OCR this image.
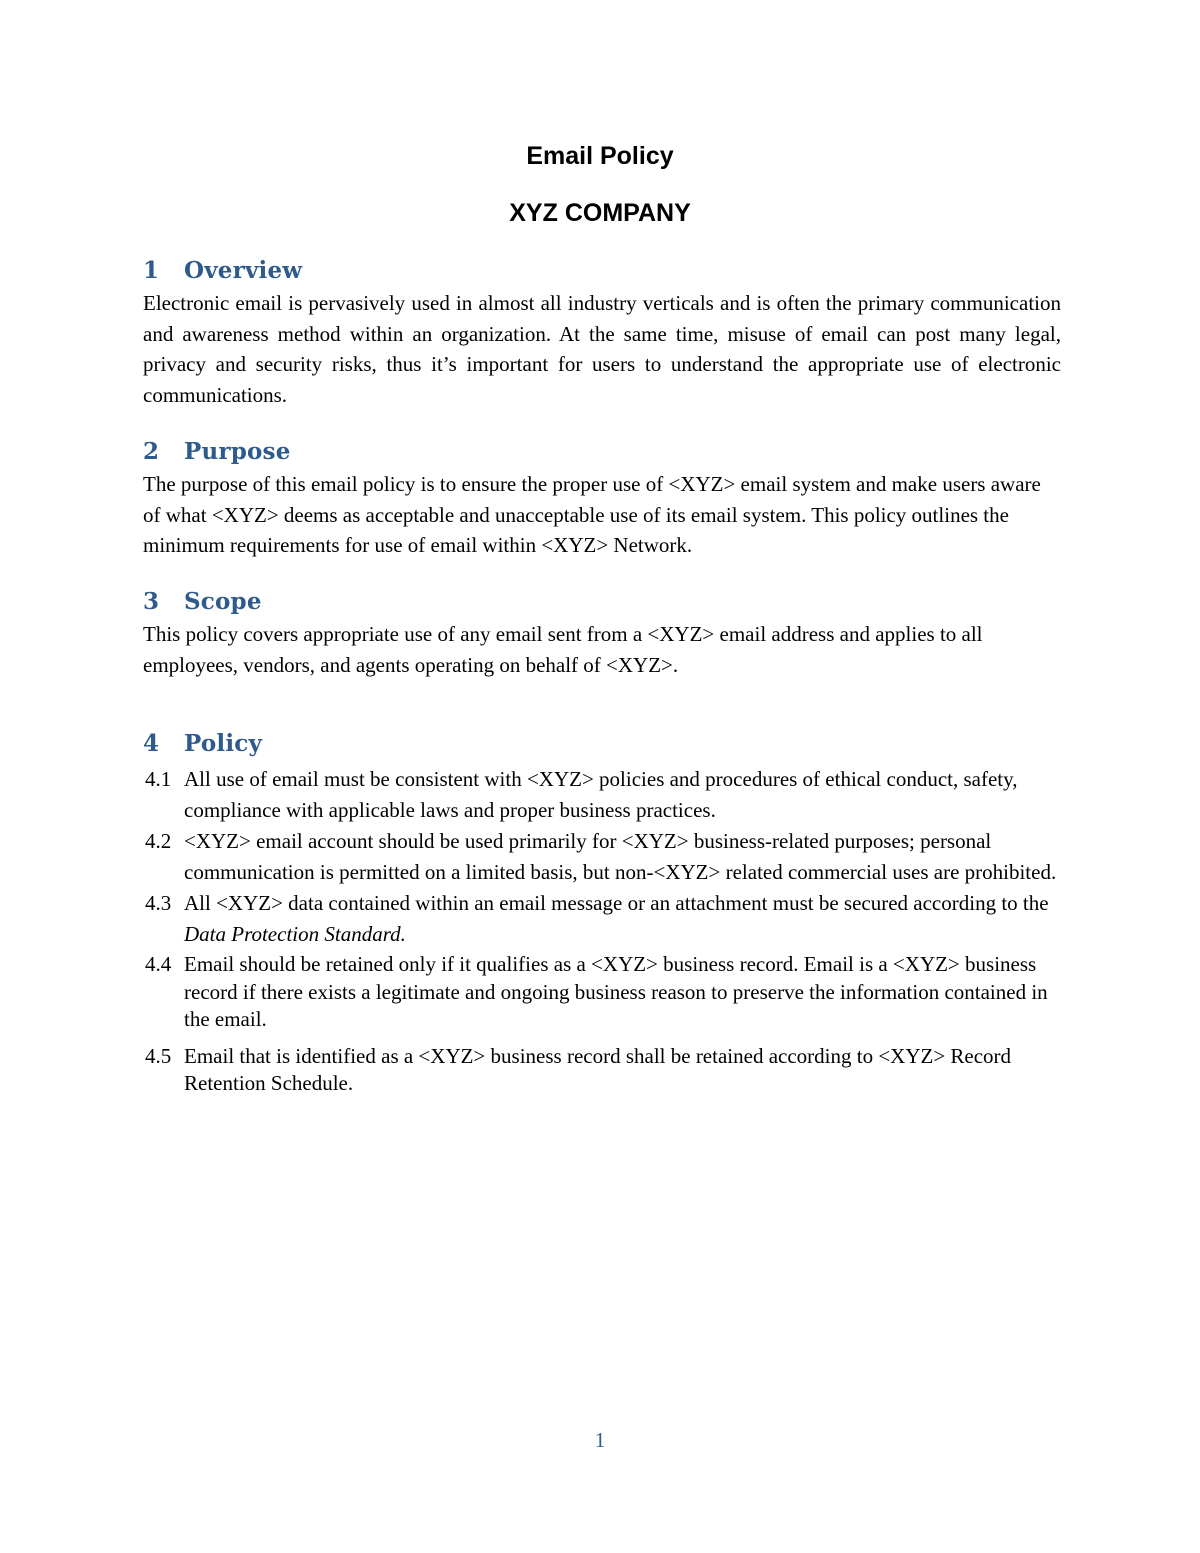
Email Policy
XYZ COMPANY
1 Overview

Electronic email is pervasively used in almost all industry verticals and is often the primary communication and awareness method within an organization. At the same time, misuse of email can post many legal, privacy and security risks, thus it’s important for users to understand the appropriate use of electronic communications.

2 Purpose

The purpose of this email policy is to ensure the proper use of <XYZ> email system and make users aware of what <XYZ> deems as acceptable and unacceptable use of its email system. This policy outlines the minimum requirements for use of email within <XYZ> Network.

3 Scope

This policy covers appropriate use of any email sent from a <XYZ> email address and applies to all employees, vendors, and agents operating on behalf of <XYZ>.

4 Policy
4.1 All use of email must be consistent with <XYZ> policies and procedures of ethical conduct, safety, compliance with applicable laws and proper business practices.
4.2 <XYZ> email account should be used primarily for <XYZ> business-related purposes; personal communication is permitted on a limited basis, but non-<XYZ> related commercial uses are prohibited.
4.3 All <XYZ> data contained within an email message or an attachment must be secured according to the Data Protection Standard.
4.4 Email should be retained only if it qualifies as a <XYZ> business record. Email is a <XYZ> business record if there exists a legitimate and ongoing business reason to preserve the information contained in the email.
4.5 Email that is identified as a <XYZ> business record shall be retained according to <XYZ> Record Retention Schedule.
1
